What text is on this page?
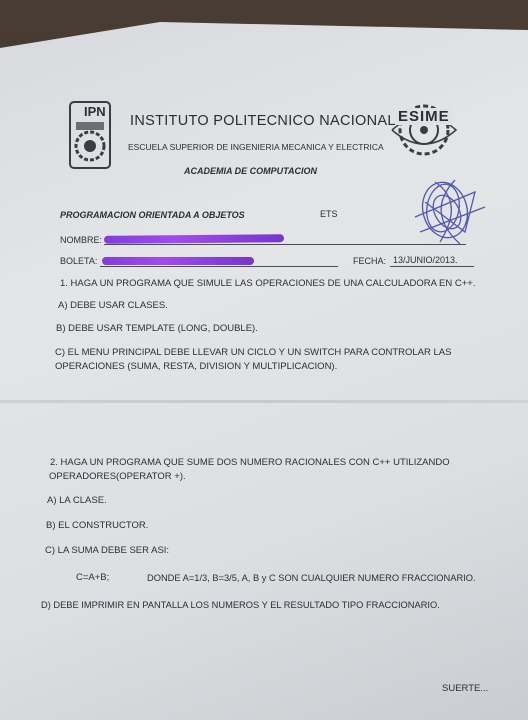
IPN	ESIME
INSTITUTO POLITECNICO NACIONAL
ESCUELA SUPERIOR DE INGENIERIA MECANICA Y ELECTRICA
ACADEMIA DE COMPUTACION
PROGRAMACION ORIENTADA A OBJETOS	ETS
NOMBRE:
BOLETA:	FECHA: 13/JUNIO/2013.
1. HAGA UN PROGRAMA QUE SIMULE LAS OPERACIONES DE UNA CALCULADORA EN C++.
A) DEBE USAR CLASES.
B) DEBE USAR TEMPLATE (LONG, DOUBLE).
C) EL MENU PRINCIPAL DEBE LLEVAR UN CICLO Y UN SWITCH PARA CONTROLAR LAS
OPERACIONES (SUMA, RESTA, DIVISION Y MULTIPLICACION).
2. HAGA UN PROGRAMA QUE SUME DOS NUMERO RACIONALES CON C++ UTILIZANDO
OPERADORES(OPERATOR +).
A) LA CLASE.
B) EL CONSTRUCTOR.
C) LA SUMA DEBE SER ASI:
C=A+B;	DONDE A=1/3, B=3/5, A, B y C SON CUALQUIER NUMERO FRACCIONARIO.
D) DEBE IMPRIMIR EN PANTALLA LOS NUMEROS Y EL RESULTADO TIPO FRACCIONARIO.
SUERTE...
